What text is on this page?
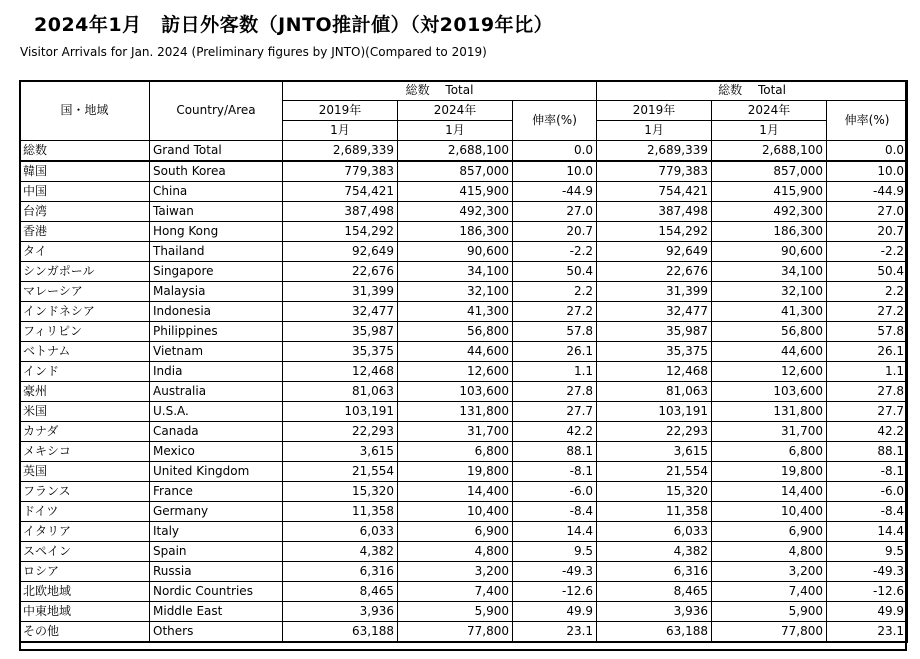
2024年1月　訪日外客数（JNTO推計値）（対2019年比）
Visitor Arrivals for Jan. 2024 (Preliminary figures by JNTO)(Compared to 2019)
国・地域	Country/Area	総数　 Total			総数　 Total		
		2019年	2024年	伸率(%)	2019年	2024年	伸率(%)
		1月	1月		1月	1月	
総数	Grand Total	2,689,339	2,688,100	0.0	2,689,339	2,688,100	0.0
韓国	South Korea	779,383	857,000	10.0	779,383	857,000	10.0
中国	China	754,421	415,900	-44.9	754,421	415,900	-44.9
台湾	Taiwan	387,498	492,300	27.0	387,498	492,300	27.0
香港	Hong Kong	154,292	186,300	20.7	154,292	186,300	20.7
タイ	Thailand	92,649	90,600	-2.2	92,649	90,600	-2.2
シンガポール	Singapore	22,676	34,100	50.4	22,676	34,100	50.4
マレーシア	Malaysia	31,399	32,100	2.2	31,399	32,100	2.2
インドネシア	Indonesia	32,477	41,300	27.2	32,477	41,300	27.2
フィリピン	Philippines	35,987	56,800	57.8	35,987	56,800	57.8
ベトナム	Vietnam	35,375	44,600	26.1	35,375	44,600	26.1
インド	India	12,468	12,600	1.1	12,468	12,600	1.1
豪州	Australia	81,063	103,600	27.8	81,063	103,600	27.8
米国	U.S.A.	103,191	131,800	27.7	103,191	131,800	27.7
カナダ	Canada	22,293	31,700	42.2	22,293	31,700	42.2
メキシコ	Mexico	3,615	6,800	88.1	3,615	6,800	88.1
英国	United Kingdom	21,554	19,800	-8.1	21,554	19,800	-8.1
フランス	France	15,320	14,400	-6.0	15,320	14,400	-6.0
ドイツ	Germany	11,358	10,400	-8.4	11,358	10,400	-8.4
イタリア	Italy	6,033	6,900	14.4	6,033	6,900	14.4
スペイン	Spain	4,382	4,800	9.5	4,382	4,800	9.5
ロシア	Russia	6,316	3,200	-49.3	6,316	3,200	-49.3
北欧地域	Nordic Countries	8,465	7,400	-12.6	8,465	7,400	-12.6
中東地域	Middle East	3,936	5,900	49.9	3,936	5,900	49.9
その他	Others	63,188	77,800	23.1	63,188	77,800	23.1
